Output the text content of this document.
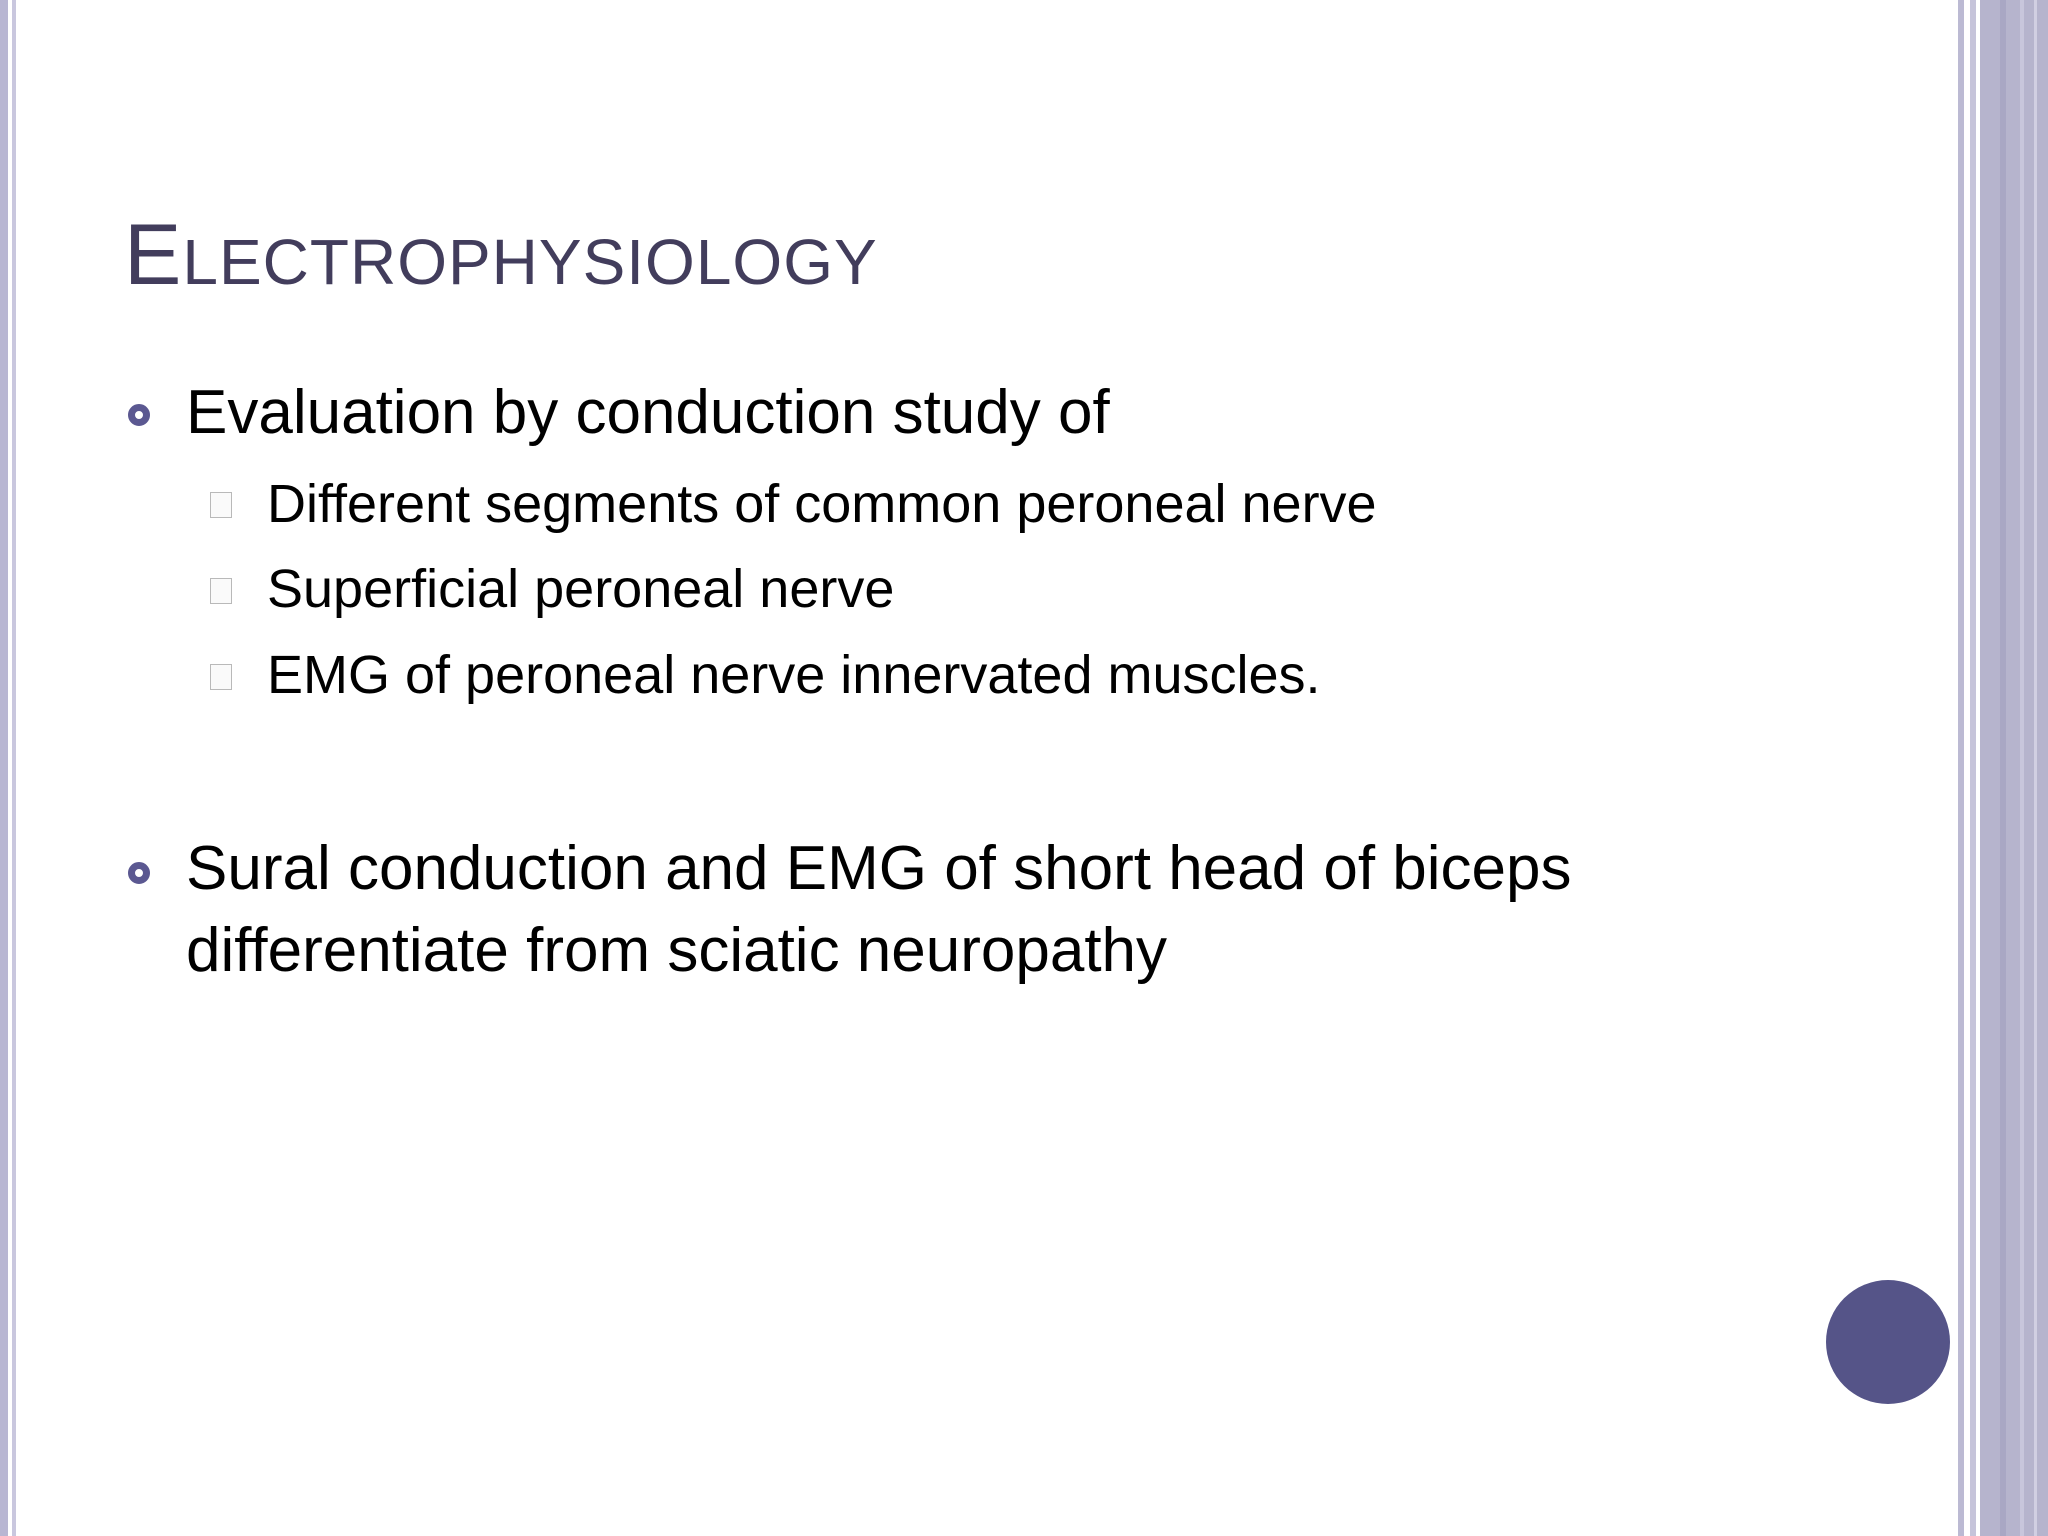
ELECTROPHYSIOLOGY
Evaluation by conduction study of
Different segments of common peroneal nerve
Superficial peroneal nerve
EMG of peroneal nerve innervated muscles.
Sural conduction and EMG of short head of biceps
differentiate from sciatic neuropathy
